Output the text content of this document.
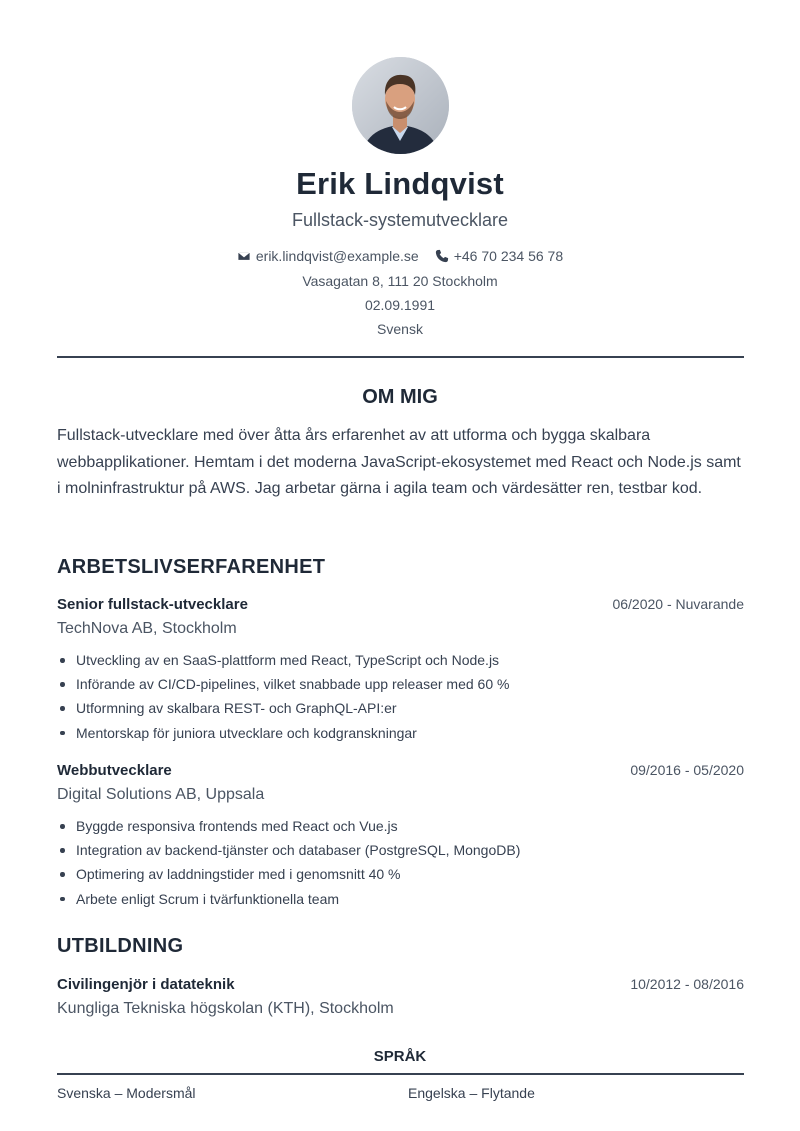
Erik Lindqvist
Fullstack-systemutvecklare
erik.lindqvist@example.se	+46 70 234 56 78
Vasagatan 8, 111 20 Stockholm
02.09.1991
Svensk
OM MIG
Fullstack-utvecklare med över åtta års erfarenhet av att utforma och bygga skalbara webbapplikationer. Hemtam i det moderna JavaScript-ekosystemet med React och Node.js samt i molninfrastruktur på AWS. Jag arbetar gärna i agila team och värdesätter ren, testbar kod.
ARBETSLIVSERFARENHET
Senior fullstack-utvecklare	06/2020 - Nuvarande
TechNova AB, Stockholm
Utveckling av en SaaS-plattform med React, TypeScript och Node.js
Införande av CI/CD-pipelines, vilket snabbade upp releaser med 60 %
Utformning av skalbara REST- och GraphQL-API:er
Mentorskap för juniora utvecklare och kodgranskningar
Webbutvecklare	09/2016 - 05/2020
Digital Solutions AB, Uppsala
Byggde responsiva frontends med React och Vue.js
Integration av backend-tjänster och databaser (PostgreSQL, MongoDB)
Optimering av laddningstider med i genomsnitt 40 %
Arbete enligt Scrum i tvärfunktionella team
UTBILDNING
Civilingenjör i datateknik	10/2012 - 08/2016
Kungliga Tekniska högskolan (KTH), Stockholm
SPRÅK
Svenska – Modersmål	Engelska – Flytande
